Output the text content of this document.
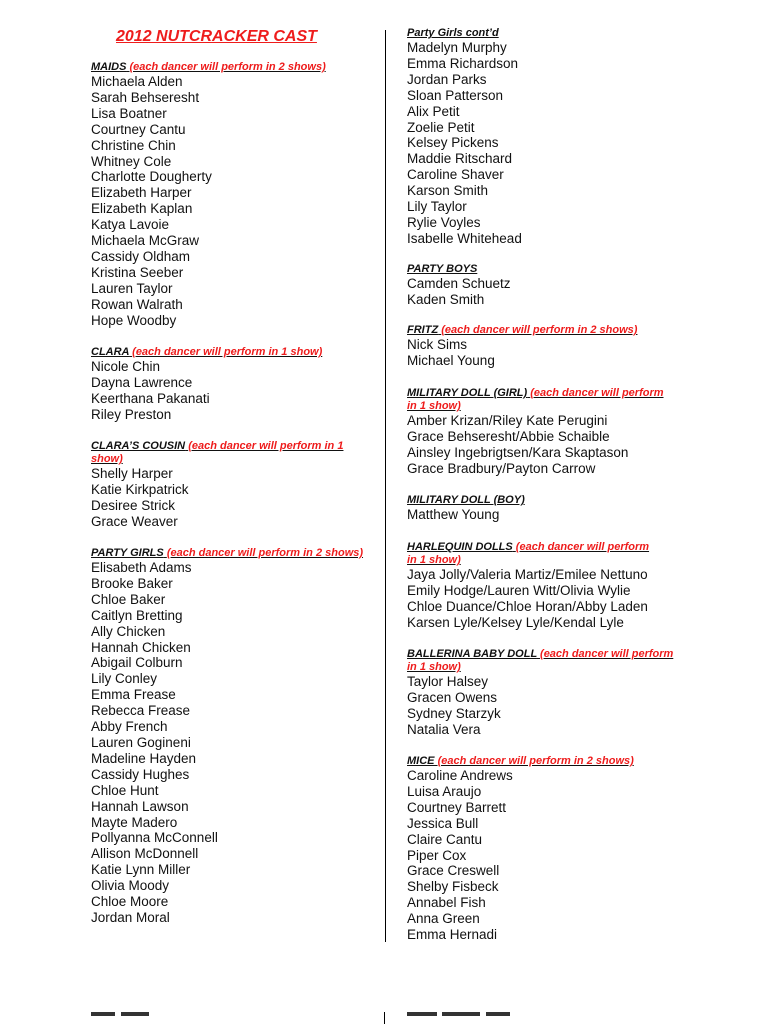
2012 NUTCRACKER CAST
MAIDS (each dancer will perform in 2 shows)
Michaela Alden
Sarah Behseresht
Lisa Boatner
Courtney Cantu
Christine Chin
Whitney Cole
Charlotte Dougherty
Elizabeth Harper
Elizabeth Kaplan
Katya Lavoie
Michaela McGraw
Cassidy Oldham
Kristina Seeber
Lauren Taylor
Rowan Walrath
Hope Woodby
CLARA (each dancer will perform in 1 show)
Nicole Chin
Dayna Lawrence
Keerthana Pakanati
Riley Preston
CLARA’S COUSIN (each dancer will perform in 1 show)
Shelly Harper
Katie Kirkpatrick
Desiree Strick
Grace Weaver
PARTY GIRLS (each dancer will perform in 2 shows)
Elisabeth Adams
Brooke Baker
Chloe Baker
Caitlyn Bretting
Ally Chicken
Hannah Chicken
Abigail Colburn
Lily Conley
Emma Frease
Rebecca Frease
Abby French
Lauren Gogineni
Madeline Hayden
Cassidy Hughes
Chloe Hunt
Hannah Lawson
Mayte Madero
Pollyanna McConnell
Allison McDonnell
Katie Lynn Miller
Olivia Moody
Chloe Moore
Jordan Moral
Party Girls cont’d
Madelyn Murphy
Emma Richardson
Jordan Parks
Sloan Patterson
Alix Petit
Zoelie Petit
Kelsey Pickens
Maddie Ritschard
Caroline Shaver
Karson Smith
Lily Taylor
Rylie Voyles
Isabelle Whitehead
PARTY BOYS
Camden Schuetz
Kaden Smith
FRITZ (each dancer will perform in 2 shows)
Nick Sims
Michael Young
MILITARY DOLL (GIRL) (each dancer will perform in 1 show)
Amber Krizan/Riley Kate Perugini
Grace Behseresht/Abbie Schaible
Ainsley Ingebrigtsen/Kara Skaptason
Grace Bradbury/Payton Carrow
MILITARY DOLL (BOY)
Matthew Young
HARLEQUIN DOLLS (each dancer will perform in 1 show)
Jaya Jolly/Valeria Martiz/Emilee Nettuno
Emily Hodge/Lauren Witt/Olivia Wylie
Chloe Duance/Chloe Horan/Abby Laden
Karsen Lyle/Kelsey Lyle/Kendal Lyle
BALLERINA BABY DOLL (each dancer will perform in 1 show)
Taylor Halsey
Gracen Owens
Sydney Starzyk
Natalia Vera
MICE (each dancer will perform in 2 shows)
Caroline Andrews
Luisa Araujo
Courtney Barrett
Jessica Bull
Claire Cantu
Piper Cox
Grace Creswell
Shelby Fisbeck
Annabel Fish
Anna Green
Emma Hernadi
